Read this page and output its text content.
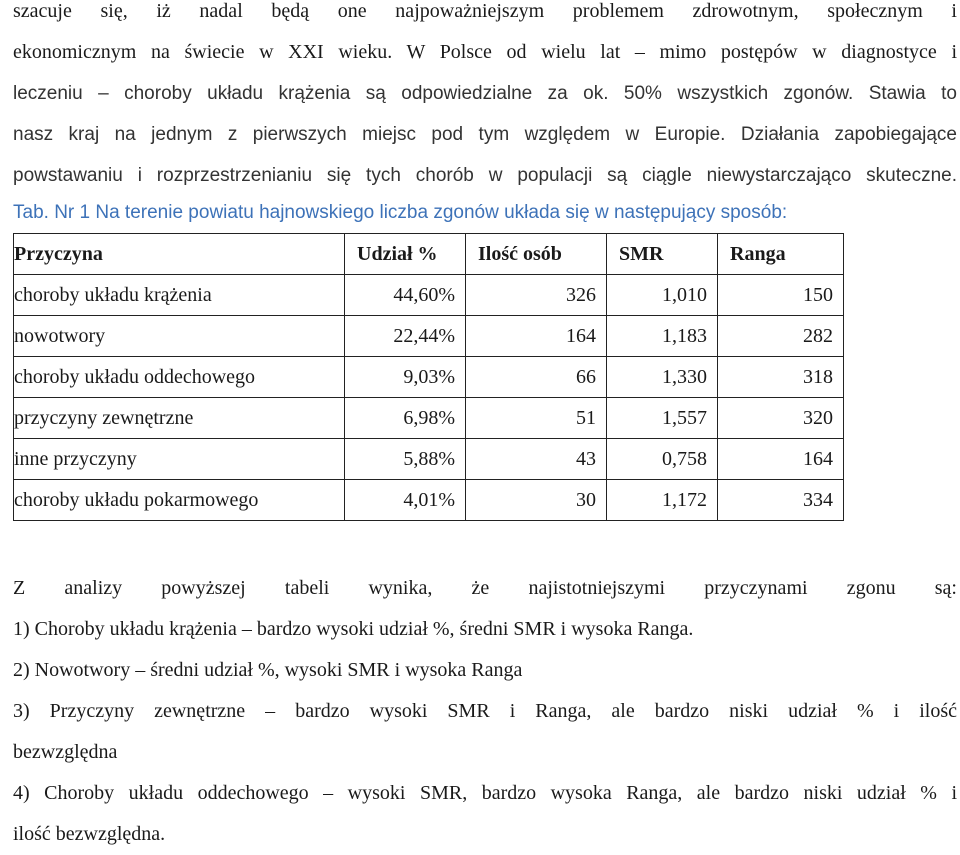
szacuje się, iż nadal będą one najpoważniejszym problemem zdrowotnym, społecznym i
ekonomicznym na świecie w XXI wieku. W Polsce od wielu lat – mimo postępów w diagnostyce i
leczeniu – choroby układu krążenia są odpowiedzialne za ok. 50% wszystkich zgonów. Stawia to
nasz kraj na jednym z pierwszych miejsc pod tym względem w Europie. Działania zapobiegające
powstawaniu i rozprzestrzenianiu się tych chorób w populacji są ciągle niewystarczająco skuteczne.
Tab. Nr 1 Na terenie powiatu hajnowskiego liczba zgonów układa się w następujący sposób:
Przyczyna	Udział %	Ilość osób	SMR	Ranga
choroby układu krążenia	44,60%	326	1,010	150
nowotwory	22,44%	164	1,183	282
choroby układu oddechowego	9,03%	66	1,330	318
przyczyny zewnętrzne	6,98%	51	1,557	320
inne przyczyny	5,88%	43	0,758	164
choroby układu pokarmowego	4,01%	30	1,172	334
Z analizy powyższej tabeli wynika, że najistotniejszymi przyczynami zgonu są:
1) Choroby układu krążenia – bardzo wysoki udział %, średni SMR i wysoka Ranga.
2) Nowotwory – średni udział %, wysoki SMR i wysoka Ranga
3) Przyczyny zewnętrzne – bardzo wysoki SMR i Ranga, ale bardzo niski udział % i ilość
bezwzględna
4) Choroby układu oddechowego – wysoki SMR, bardzo wysoka Ranga, ale bardzo niski udział % i
ilość bezwzględna.
